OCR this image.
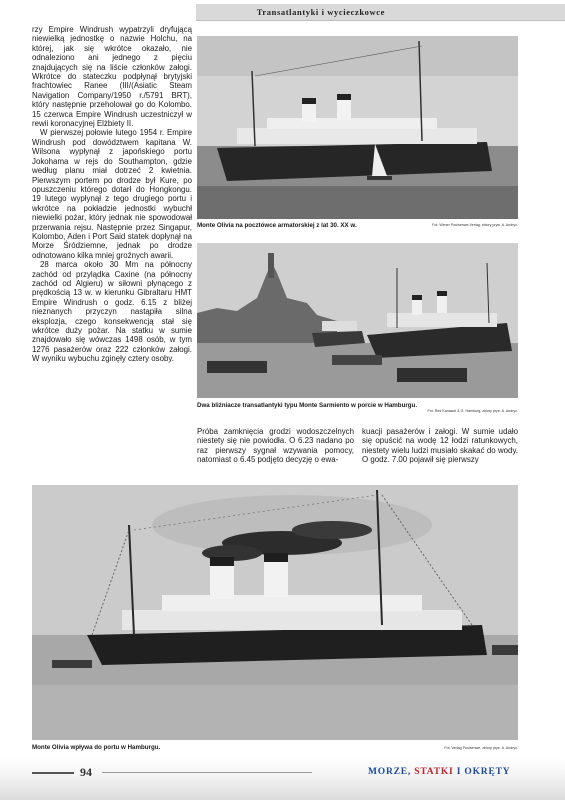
Transatlantyki i wycieczkowce

rzy Empire Windrush wypatrzyli dryfującą niewielką jednostkę o nazwie Holchu, na której, jak się wkrótce okazało, nie odnaleziono ani jednego z pięciu znajdujących się na liście członków załogi. Wkrótce do stateczku podpłynął brytyjski frachtowiec Ranee (III/(Asiatic Steam Navigation Company/1950 r./5791 BRT), który następnie przeholował go do Kolombo. 15 czerwca Empire Windrush uczestniczył w rewii koronacyjnej Elżbiety II.

W pierwszej połowie lutego 1954 r. Empire Windrush pod dowództwem kapitana W. Wilsona wypłynął z japońskiego portu Jokohama w rejs do Southampton, gdzie według planu miał dotrzeć 2 kwietnia. Pierwszym portem po drodze był Kure, po opuszczeniu którego dotarł do Hongkongu. 19 lutego wypłynął z tego drugiego portu i wkrótce na pokładzie jednostki wybuchł niewielki pożar, który jednak nie spowodował przerwania rejsu. Następnie przez Singapur, Kolombo, Aden i Port Said statek dopłynął na Morze Śródziemne, jednak po drodze odnotowano kilka mniej groźnych awarii.

28 marca około 30 Mm na północny zachód od przylądka Caxine (na północny zachód od Algieru) w siłowni płynącego z prędkością 13 w. w kierunku Gibraltaru HMT Empire Windrush o godz. 6.15 z bliżej nieznanych przyczyn nastąpiła silna eksplozja, czego konsekwencją stał się wkrótce duży pożar. Na statku w sumie znajdowało się wówczas 1498 osób, w tym 1276 pasażerów oraz 222 członków załogi. W wyniku wybuchu zginęły cztery osoby.

Monte Olivia na pocztówce armatorskiej z lat 30. XX w.	Fot. Wener Poulsenwe-Verlag, zbiory pryw. A. Andryc.
Dwa bliźniacze transatlantyki typu Monte Sarmiento w porcie w Hamburgu.
Fot. Red Kanasch & G. Hamburg, zbiory prye. A. Andryc.

Próba zamknięcia grodzi wodoszczelnych niestety się nie powiodła. O 6.23 nadano po raz pierwszy sygnał wzywania pomocy, natomiast o 6.45 podjęto decyzję o ewa-

kuacji pasażerów i załogi. W sumie udało się opuścić na wodę 12 łodzi ratunkowych, niestety wielu ludzi musiało skakać do wody. O godz. 7.00 pojawił się pierwszy

Monte Olivia wpływa do portu w Hamburgu.	Fot. Verlag Poulsenwe, zbiory prye. A. Andryc.
94	MORZE, STATKI I OKRĘTY
